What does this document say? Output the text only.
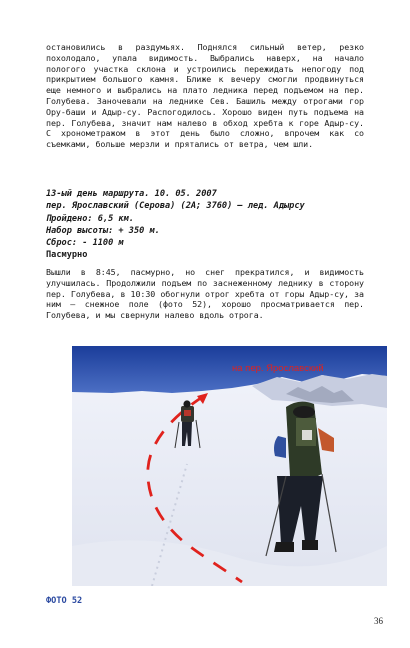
остановились в раздумьях. Поднялся сильный ветер, резко похолодало, упала видимость. Выбрались наверх, на начало пологого участка склона и устроились пережидать непогоду под прикрытием большого камня. Ближе к вечеру смогли продвинуться еще немного и выбрались на плато ледника перед подъемом на пер. Голубева. Заночевали на леднике Сев. Башиль между отрогами гор Ору-баши и Адыр-су. Распогодилось. Хорошо виден путь подъема на пер. Голубева, значит нам налево в обход хребта к горе Адыр-су. С хронометражом в этот день было сложно, впрочем как со съемками, больше мерзли и прятались от ветра, чем шли.
13-ый день маршрута. 10. 05. 2007
пер. Ярославский (Серова) (2А; 3760) – лед. Адырсу
Пройдено: 6,5 км.
Набор высоты: + 350 м.
Сброс: - 1100 м
Пасмурно
Вышли в 8:45, пасмурно, но снег прекратился, и видимость улучшилась. Продолжили подъем по заснеженному леднику в сторону пер. Голубева, в 10:30 обогнули отрог хребта от горы Адыр-су, за ним – снежное поле (фото 52), хорошо просматривается пер. Голубева, и мы свернули налево вдоль отрога.
на пер. Ярославский
ФОТО 52
36
